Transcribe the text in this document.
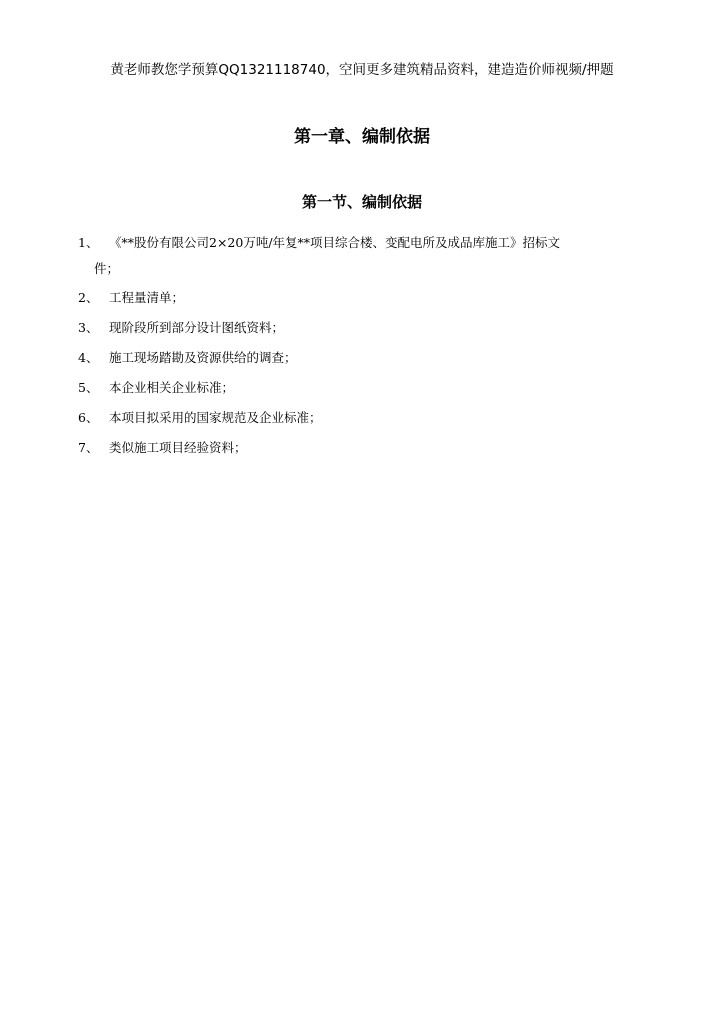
黄老师教您学预算QQ1321118740，空间更多建筑精品资料，建造造价师视频/押题
第一章、编制依据
第一节、编制依据
1、 《**股份有限公司2×20万吨/年复**项目综合楼、变配电所及成品库施工》招标文
件；
2、 工程量清单；
3、 现阶段所到部分设计图纸资料；
4、 施工现场踏勘及资源供给的调查；
5、 本企业相关企业标准；
6、 本项目拟采用的国家规范及企业标准；
7、 类似施工项目经验资料；
